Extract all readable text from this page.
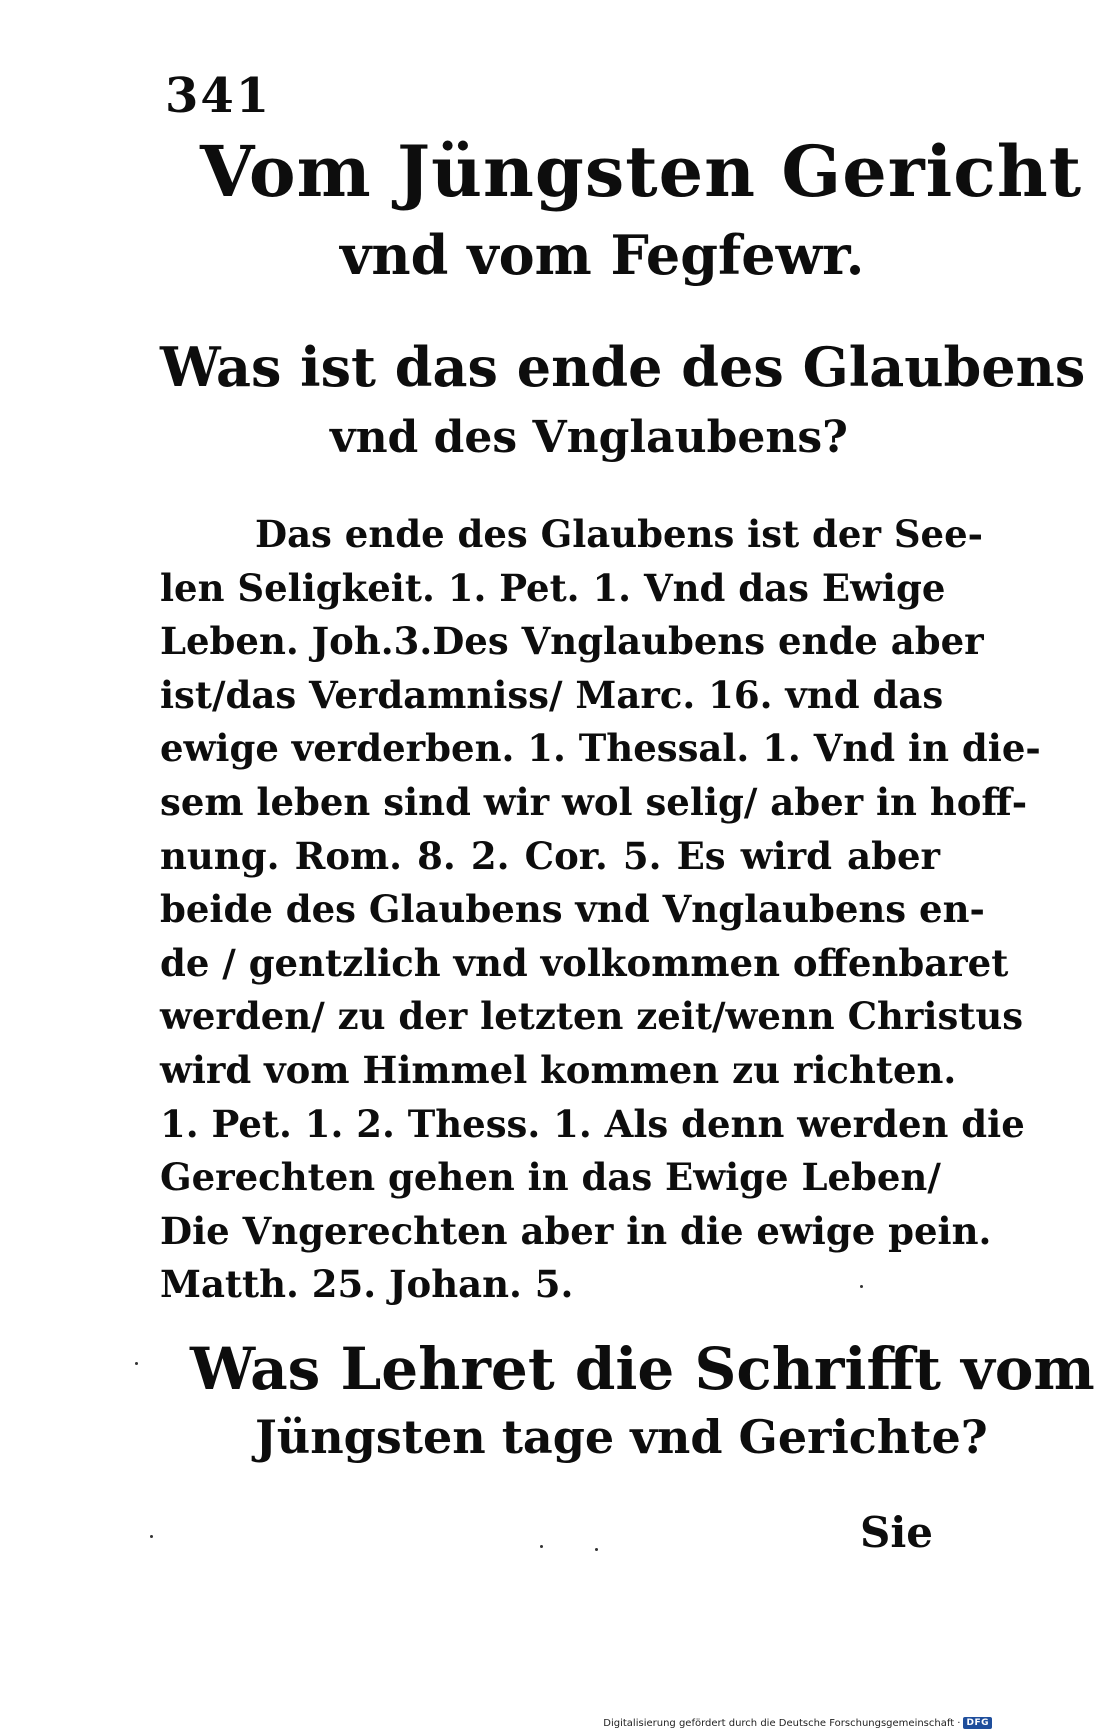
341
Vom Jüngsten Gericht
vnd vom Fegfewr.
Was ist das ende des Glaubens
vnd des Vnglaubens?
Das ende des Glaubens ist der See-
len Seligkeit. 1. Pet. 1. Vnd das Ewige
Leben. Joh.3.Des Vnglaubens ende aber
ist/das Verdamniss/ Marc. 16. vnd das
ewige verderben. 1. Thessal. 1. Vnd in die-
sem leben sind wir wol selig/ aber in hoff-
nung. Rom. 8. 2. Cor. 5. Es wird aber
beide des Glaubens vnd Vnglaubens en-
de / gentzlich vnd volkommen offenbaret
werden/ zu der letzten zeit/wenn Christus
wird vom Himmel kommen zu richten.
1. Pet. 1. 2. Thess. 1. Als denn werden die
Gerechten gehen in das Ewige Leben/
Die Vngerechten aber in die ewige pein.
Matth. 25. Johan. 5.
Was Lehret die Schrifft vom
Jüngsten tage vnd Gerichte?
Sie
Digitalisierung gefördert durch die Deutsche Forschungsgemeinschaft · DFG
